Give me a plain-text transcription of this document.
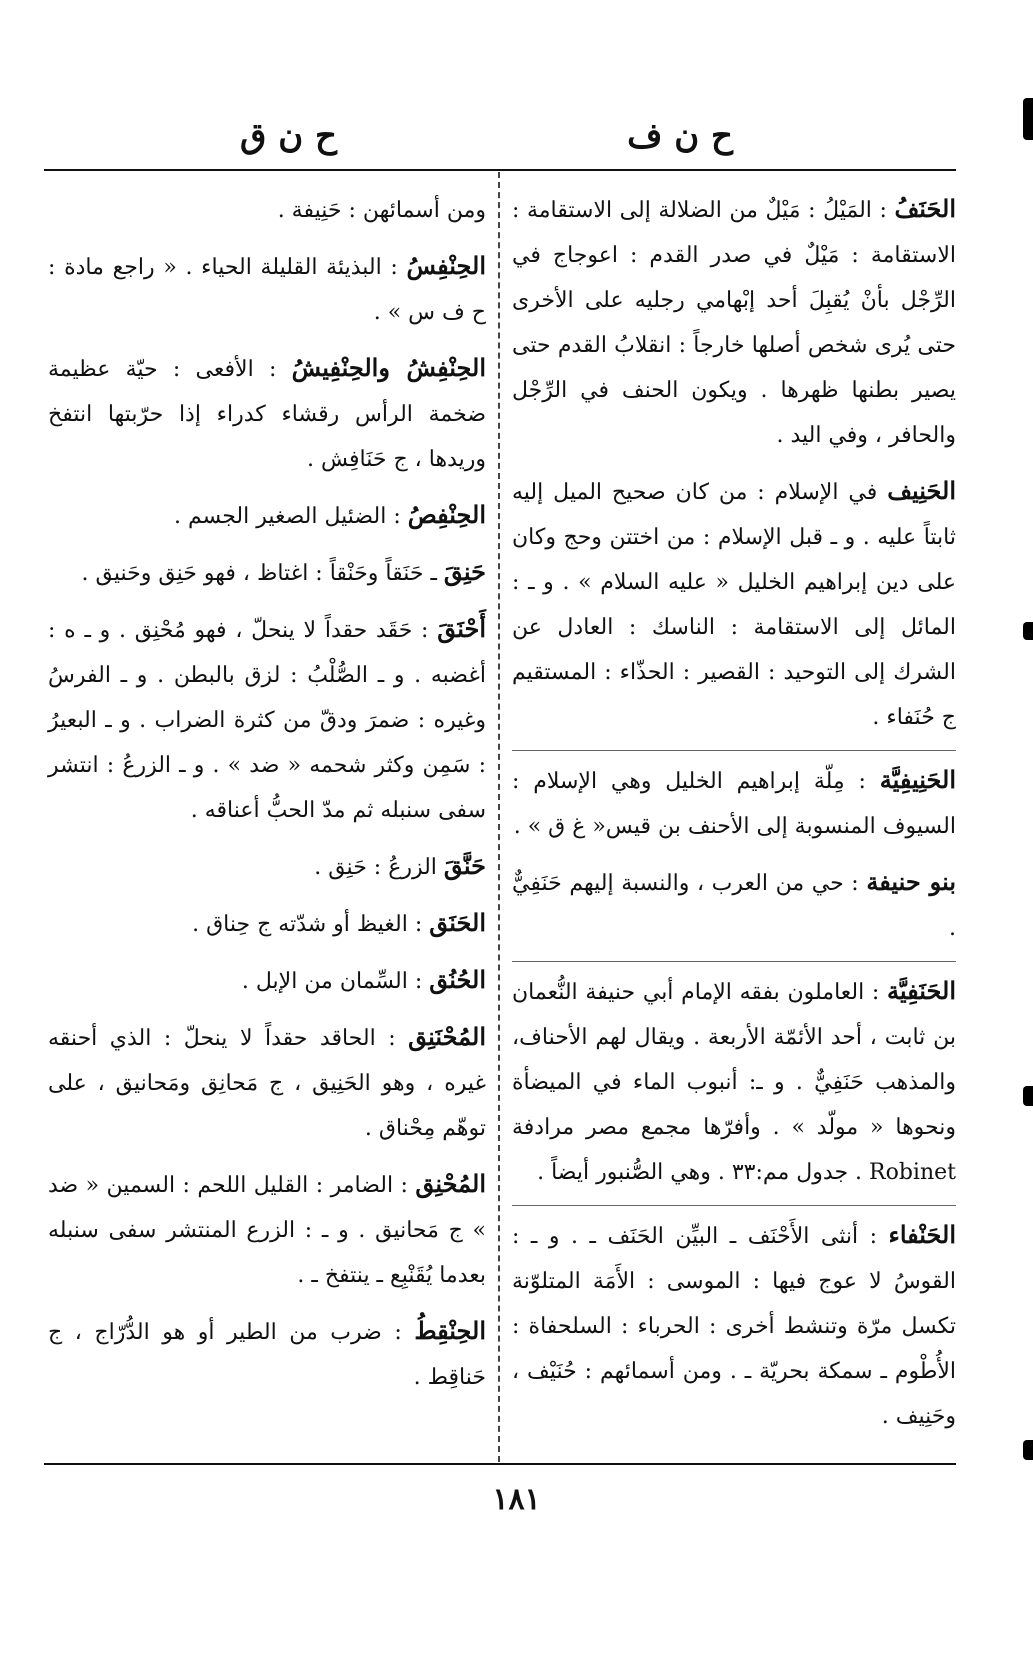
ح ن ف
ح ن ق

الحَنَفُ : المَيْلُ : مَيْلٌ من الضلالة إلى الاستقامة : الاستقامة : مَيْلٌ في صدر القدم : اعوجاج في الرِّجْل بأنْ يُقبِلَ أحد إبْهامي رجليه على الأخرى حتى يُرى شخص أصلها خارجاً : انقلابُ القدم حتى يصير بطنها ظهرها . ويكون الحنف في الرِّجْل والحافر ، وفي اليد .

الحَنِيف في الإسلام : من كان صحيح الميل إليه ثابتاً عليه . و ـ قبل الإسلام : من اختتن وحج وكان على دين إبراهيم الخليل « عليه السلام » . و ـ : المائل إلى الاستقامة : الناسك : العادل عن الشرك إلى التوحيد : القصير : الحذّاء : المستقيم ج حُنَفاء .

الحَنِيفِيَّة : مِلّة إبراهيم الخليل وهي الإسلام : السيوف المنسوبة إلى الأحنف بن قيس« غ ق » .

بنو حنيفة : حي من العرب ، والنسبة إليهم حَنَفِيٌّ .

الحَنَفِيَّة : العاملون بفقه الإمام أبي حنيفة النُّعمان بن ثابت ، أحد الأئمّة الأربعة . ويقال لهم الأحناف، والمذهب حَنَفِيٌّ . و ـ: أنبوب الماء في الميضأة ونحوها « مولّد » . وأفرّها مجمع مصر مرادفة Robinet . جدول مم:٣٣ . وهي الصُّنبور أيضاً .

الحَنْفاء : أنثى الأَحْنَف ـ البيِّن الحَنَف ـ . و ـ : القوسُ لا عوج فيها : الموسى : الأَمَة المتلوّنة تكسل مرّة وتنشط أخرى : الحرباء : السلحفاة : الأُطْوم ـ سمكة بحريّة ـ . ومن أسمائهم : حُنَيْف ، وحَنِيف .

ومن أسمائهن : حَنِيفة .

الحِنْفِسُ : البذيئة القليلة الحياء . « راجع مادة : ح ف س » .

الحِنْفِشُ والحِنْفِيشُ : الأفعى : حيّة عظيمة ضخمة الرأس رقشاء كدراء إذا حرّبتها انتفخ وريدها ، ج حَنَافِش .

الحِنْفِصُ : الضئيل الصغير الجسم .

حَنِقَ ـ حَنَقاً وحَنْقاً : اغتاظ ، فهو حَنِق وحَنيق .

أَحْنَقَ : حَقَد حقداً لا ينحلّ ، فهو مُحْنِق . و ـ ه : أغضبه . و ـ الصُّلْبُ : لزق بالبطن . و ـ الفرسُ وغيره : ضمرَ ودقّ من كثرة الضراب . و ـ البعيرُ : سَمِن وكثر شحمه « ضد » . و ـ الزرعُ : انتشر سفى سنبله ثم مدّ الحبُّ أعناقه .

حَنَّقَ الزرعُ : حَنِق .

الحَنَق : الغيظ أو شدّته ج حِناق .

الحُنُق : السِّمان من الإبل .

المُحْنَنِق : الحاقد حقداً لا ينحلّ : الذي أحنقه غيره ، وهو الحَنِيق ، ج مَحانِق ومَحانيق ، على توهّم مِحْناق .

المُحْنِق : الضامر : القليل اللحم : السمين « ضد » ج مَحانيق . و ـ : الزرع المنتشر سفى سنبله بعدما يُقَنْبِع ـ ينتفخ ـ .

الحِنْقِطُ : ضرب من الطير أو هو الدُّرّاج ، ج حَناقِط .

١٨١
